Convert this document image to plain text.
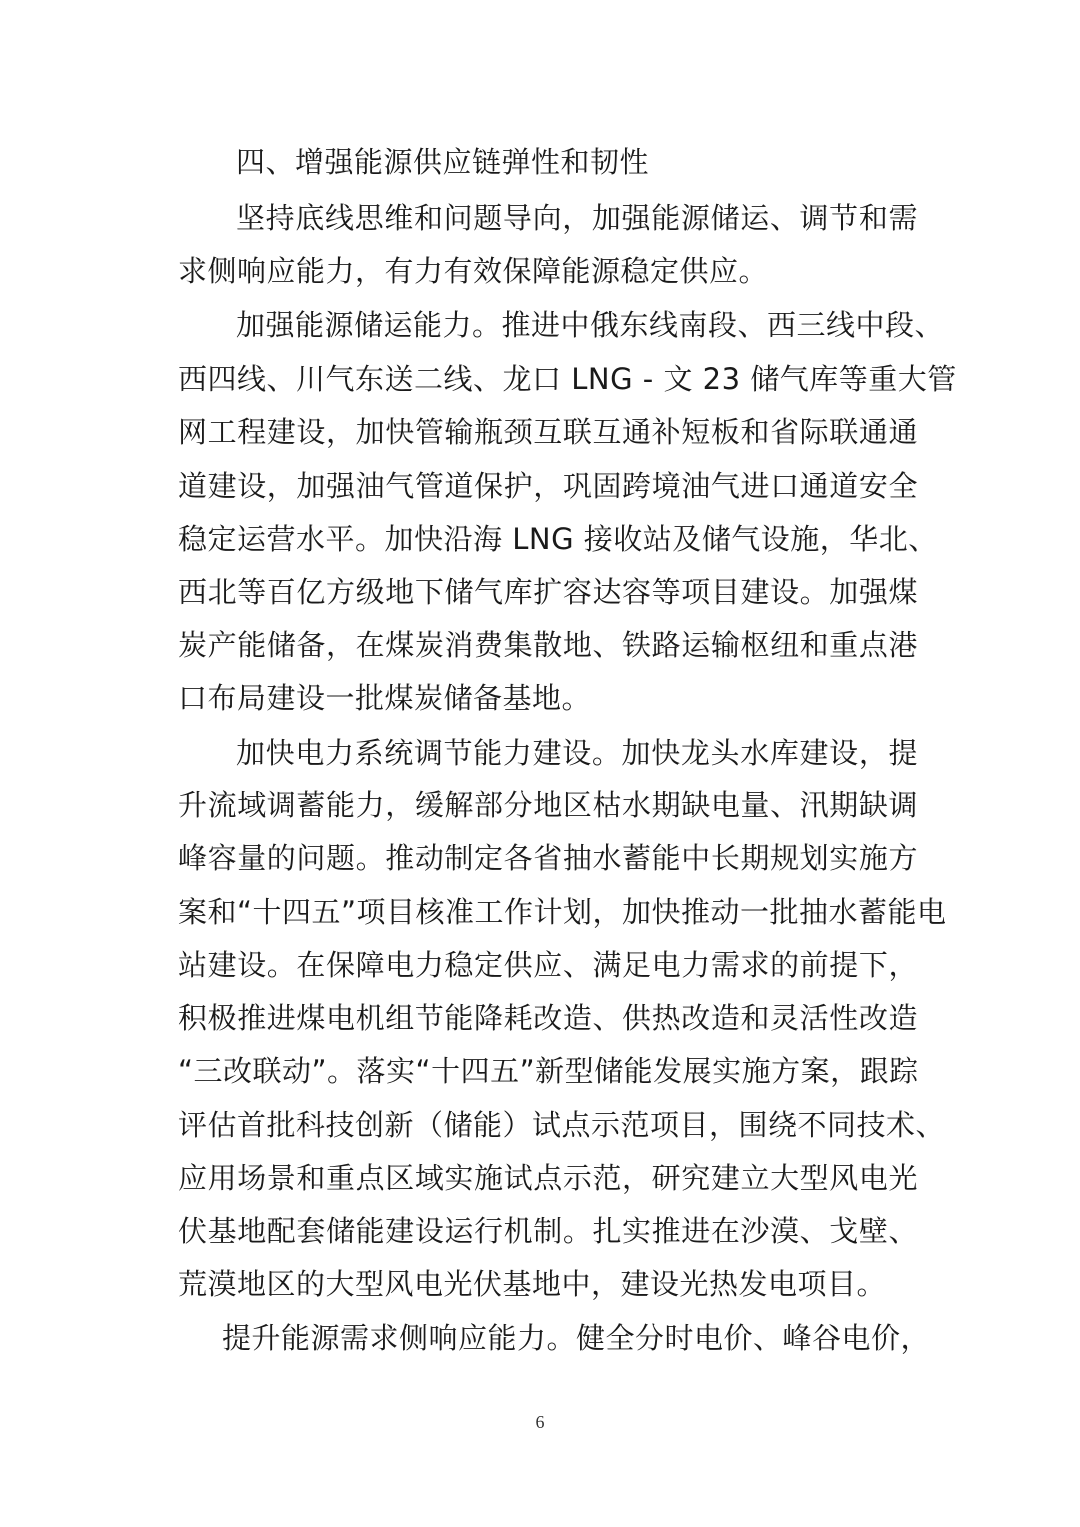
四、增强能源供应链弹性和韧性
坚持底线思维和问题导向，加强能源储运、调节和需
求侧响应能力，有力有效保障能源稳定供应。
加强能源储运能力。推进中俄东线南段、西三线中段、
西四线、川气东送二线、龙口 LNG - 文 23 储气库等重大管
网工程建设，加快管输瓶颈互联互通补短板和省际联通通
道建设，加强油气管道保护，巩固跨境油气进口通道安全
稳定运营水平。加快沿海 LNG 接收站及储气设施，华北、
西北等百亿方级地下储气库扩容达容等项目建设。加强煤
炭产能储备，在煤炭消费集散地、铁路运输枢纽和重点港
口布局建设一批煤炭储备基地。
加快电力系统调节能力建设。加快龙头水库建设，提
升流域调蓄能力，缓解部分地区枯水期缺电量、汛期缺调
峰容量的问题。推动制定各省抽水蓄能中长期规划实施方
案和“十四五”项目核准工作计划，加快推动一批抽水蓄能电
站建设。在保障电力稳定供应、满足电力需求的前提下，
积极推进煤电机组节能降耗改造、供热改造和灵活性改造
“三改联动”。落实“十四五”新型储能发展实施方案，跟踪
评估首批科技创新（储能）试点示范项目，围绕不同技术、
应用场景和重点区域实施试点示范，研究建立大型风电光
伏基地配套储能建设运行机制。扎实推进在沙漠、戈壁、
荒漠地区的大型风电光伏基地中，建设光热发电项目。
提升能源需求侧响应能力。健全分时电价、峰谷电价，
6
